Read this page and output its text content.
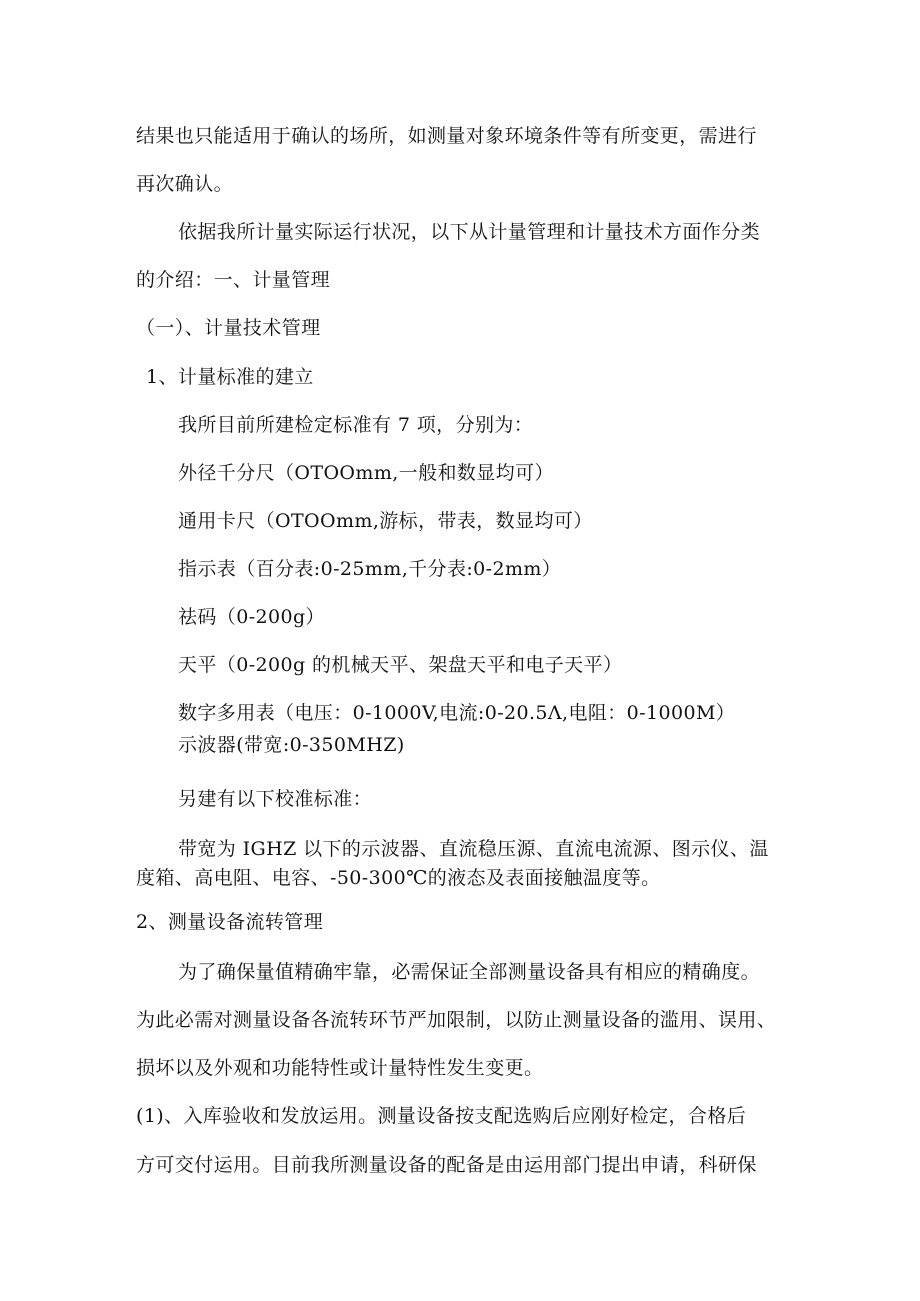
结果也只能适用于确认的场所，如测量对象环境条件等有所变更，需进行
再次确认。
依据我所计量实际运行状况，以下从计量管理和计量技术方面作分类
的介绍：一、计量管理
（一）、计量技术管理
1、计量标准的建立
我所目前所建检定标准有 7 项，分别为：
外径千分尺（OTOOmm,一般和数显均可）
通用卡尺（OTOOmm,游标，带表，数显均可）
指示表（百分表:0-25mm,千分表:0-2mm）
祛码（0-200g）
天平（0-200g 的机械天平、架盘天平和电子天平）
数字多用表（电压：0-1000V,电流:0-20.5Λ,电阻：0-1000M）
示波器(带宽:0-350MHZ)
另建有以下校准标准：
带宽为 IGHZ 以下的示波器、直流稳压源、直流电流源、图示仪、温
度箱、高电阻、电容、-50-300℃的液态及表面接触温度等。
2、测量设备流转管理
为了确保量值精确牢靠，必需保证全部测量设备具有相应的精确度。
为此必需对测量设备各流转环节严加限制，以防止测量设备的滥用、误用、
损坏以及外观和功能特性或计量特性发生变更。
(1)、入库验收和发放运用。测量设备按支配选购后应刚好检定，合格后
方可交付运用。目前我所测量设备的配备是由运用部门提出申请，科研保
